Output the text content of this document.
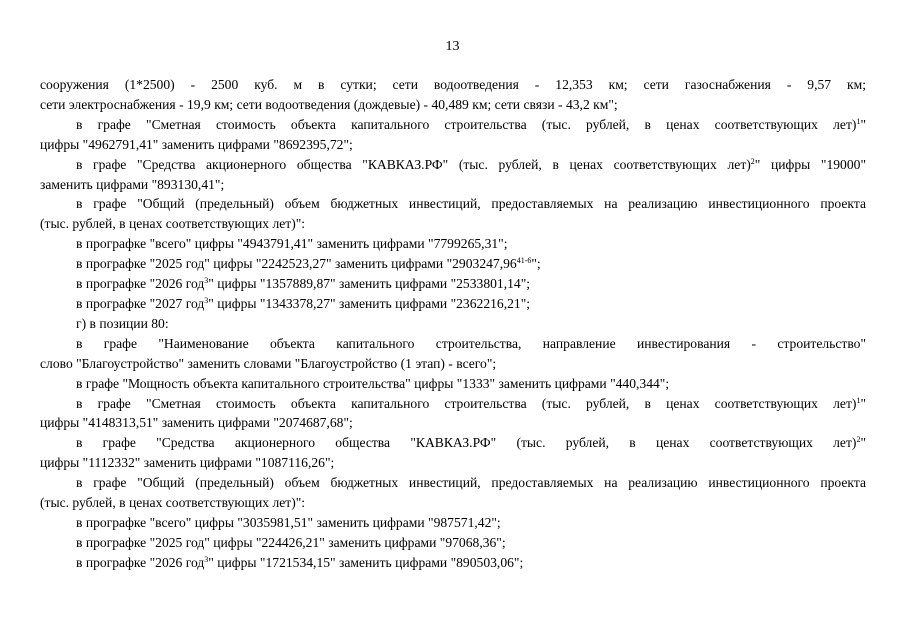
13

сооружения (1*2500) - 2500 куб. м в сутки; сети водоотведения - 12,353 км; сети газоснабжения - 9,57 км;

сети электроснабжения - 19,9 км; сети водоотведения (дождевые) - 40,489 км; сети связи - 43,2 км";

в графе "Сметная стоимость объекта капитального строительства (тыс. рублей, в ценах соответствующих лет)$^1$"

цифры "4962791,41" заменить цифрами "8692395,72";

в графе "Средства акционерного общества "КАВКАЗ.РФ" (тыс. рублей, в ценах соответствующих лет)$^2$" цифры "19000"

заменить цифрами "893130,41";

в графе "Общий (предельный) объем бюджетных инвестиций, предоставляемых на реализацию инвестиционного проекта

(тыс. рублей, в ценах соответствующих лет)":

в прографке "всего" цифры "4943791,41" заменить цифрами "7799265,31";

в прографке "2025 год" цифры "2242523,27" заменить цифрами "2903247,96$^{41-6}$";

в прографке "2026 год$^3$" цифры "1357889,87" заменить цифрами "2533801,14";

в прографке "2027 год$^3$" цифры "1343378,27" заменить цифрами "2362216,21";

г) в позиции 80:

в графе "Наименование объекта капитального строительства, направление инвестирования - строительство"

слово "Благоустройство" заменить словами "Благоустройство (1 этап) - всего";

в графе "Мощность объекта капитального строительства" цифры "1333" заменить цифрами "440,344";

в графе "Сметная стоимость объекта капитального строительства (тыс. рублей, в ценах соответствующих лет)$^1$"

цифры "4148313,51" заменить цифрами "2074687,68";

в графе "Средства акционерного общества "КАВКАЗ.РФ" (тыс. рублей, в ценах соответствующих лет)$^2$"

цифры "1112332" заменить цифрами "1087116,26";

в графе "Общий (предельный) объем бюджетных инвестиций, предоставляемых на реализацию инвестиционного проекта

(тыс. рублей, в ценах соответствующих лет)":

в прографке "всего" цифры "3035981,51" заменить цифрами "987571,42";

в прографке "2025 год" цифры "224426,21" заменить цифрами "97068,36";

в прографке "2026 год$^3$" цифры "1721534,15" заменить цифрами "890503,06";
